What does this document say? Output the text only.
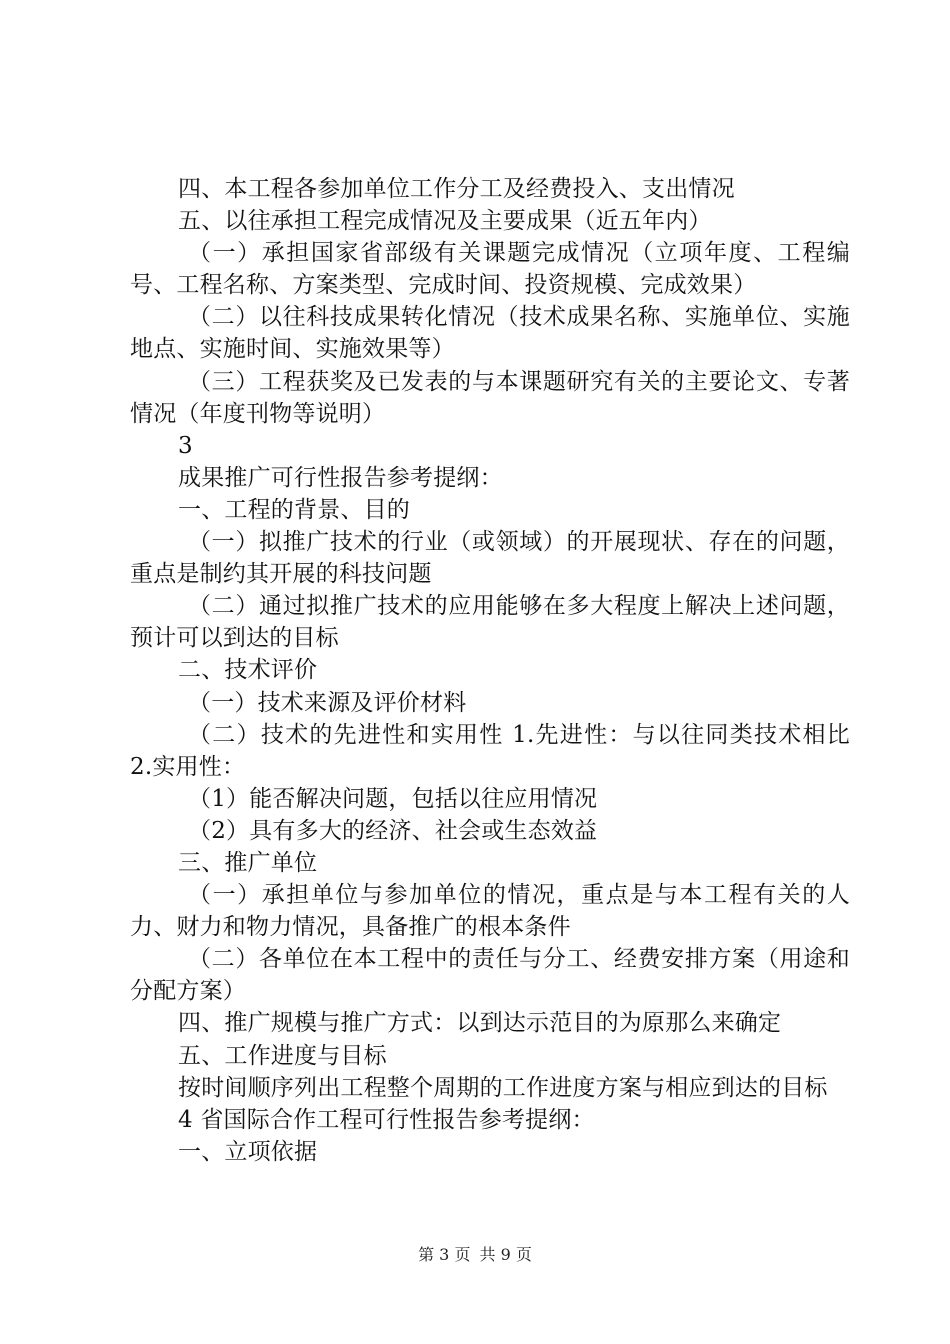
四、本工程各参加单位工作分工及经费投入、支出情况

五、以往承担工程完成情况及主要成果（近五年内）

（一）承担国家省部级有关课题完成情况（立项年度、工程编号、工程名称、方案类型、完成时间、投资规模、完成效果）

（二）以往科技成果转化情况（技术成果名称、实施单位、实施地点、实施时间、实施效果等）

（三）工程获奖及已发表的与本课题研究有关的主要论文、专著情况（年度刊物等说明）

3

成果推广可行性报告参考提纲：

一、工程的背景、目的

（一）拟推广技术的行业（或领域）的开展现状、存在的问题，重点是制约其开展的科技问题

（二）通过拟推广技术的应用能够在多大程度上解决上述问题，预计可以到达的目标

二、技术评价

（一）技术来源及评价材料

（二）技术的先进性和实用性 1.先进性：与以往同类技术相比 2.实用性：

（1）能否解决问题，包括以往应用情况

（2）具有多大的经济、社会或生态效益

三、推广单位

（一）承担单位与参加单位的情况，重点是与本工程有关的人力、财力和物力情况，具备推广的根本条件

（二）各单位在本工程中的责任与分工、经费安排方案（用途和分配方案）

四、推广规模与推广方式：以到达示范目的为原那么来确定

五、工作进度与目标

按时间顺序列出工程整个周期的工作进度方案与相应到达的目标

4 省国际合作工程可行性报告参考提纲：

一、立项依据

第 3 页 共 9 页
